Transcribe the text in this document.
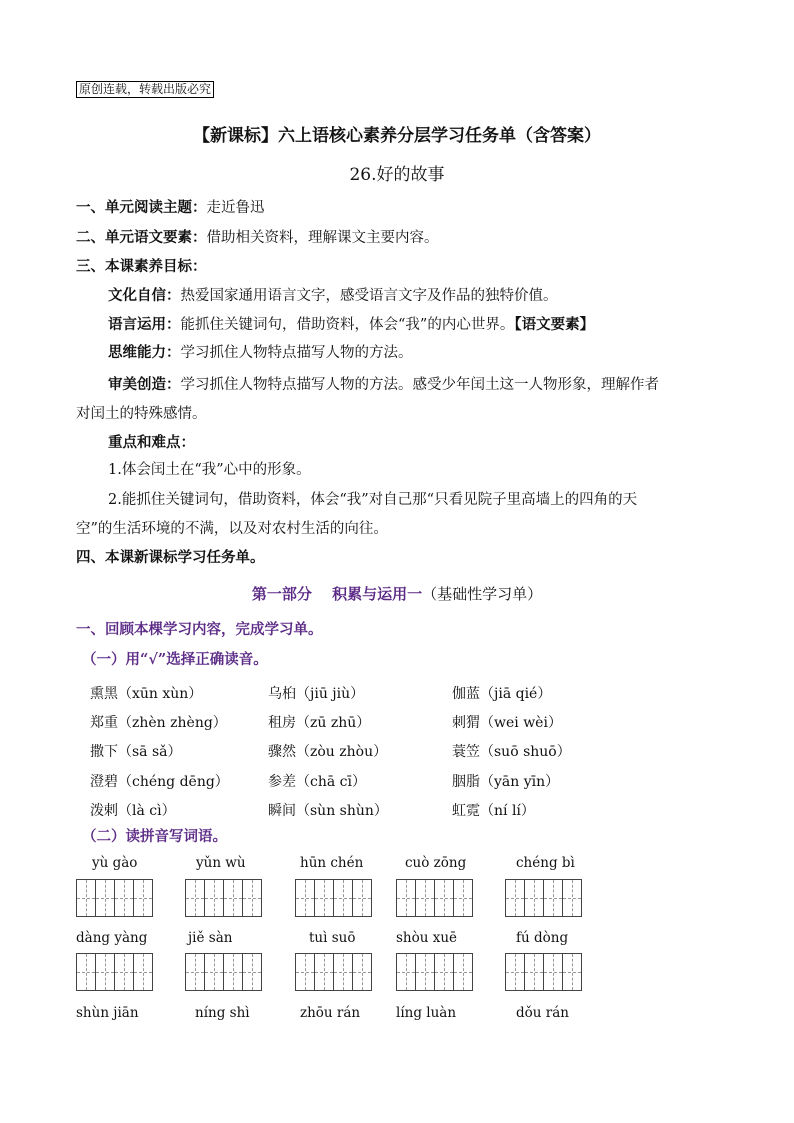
原创连载，转载出版必究
【新课标】六上语核心素养分层学习任务单（含答案）
26.好的故事
一、单元阅读主题：走近鲁迅
二、单元语文要素：借助相关资料，理解课文主要内容。
三、本课素养目标：
文化自信：热爱国家通用语言文字，感受语言文字及作品的独特价值。
语言运用：能抓住关键词句，借助资料，体会“我”的内心世界。【语文要素】
思维能力：学习抓住人物特点描写人物的方法。
审美创造：学习抓住人物特点描写人物的方法。感受少年闰土这一人物形象，理解作者
对闰土的特殊感情。
重点和难点：
1.体会闰土在“我”心中的形象。
2.能抓住关键词句，借助资料，体会“我”对自己那“只看见院子里高墙上的四角的天
空”的生活环境的不满，以及对农村生活的向往。
四、本课新课标学习任务单。
第一部分　 积累与运用一（基础性学习单）
一、回顾本棵学习内容，完成学习单。
（一）用“√”选择正确读音。
熏黑（xūn xùn）	乌桕（jiū jiù）	伽蓝（jiā qié）
郑重（zhèn zhèng）	租房（zū zhū）	刺猬（wei wèi）
撒下（sā sǎ）	骤然（zòu zhòu）	蓑笠（suō shuō）
澄碧（chéng dēng）	参差（chā cī）	胭脂（yān yīn）
泼剌（là cì）	瞬间（sùn shùn）	虹霓（ní lí）
（二）读拼音写词语。
yù gào	yǔn wù	hūn chén	cuò zōng	chéng bì
dàng yàng	jiě sàn	tuì suō	shòu xuē	fú dòng
shùn jiān	níng shì	zhōu rán	líng luàn	dǒu rán
